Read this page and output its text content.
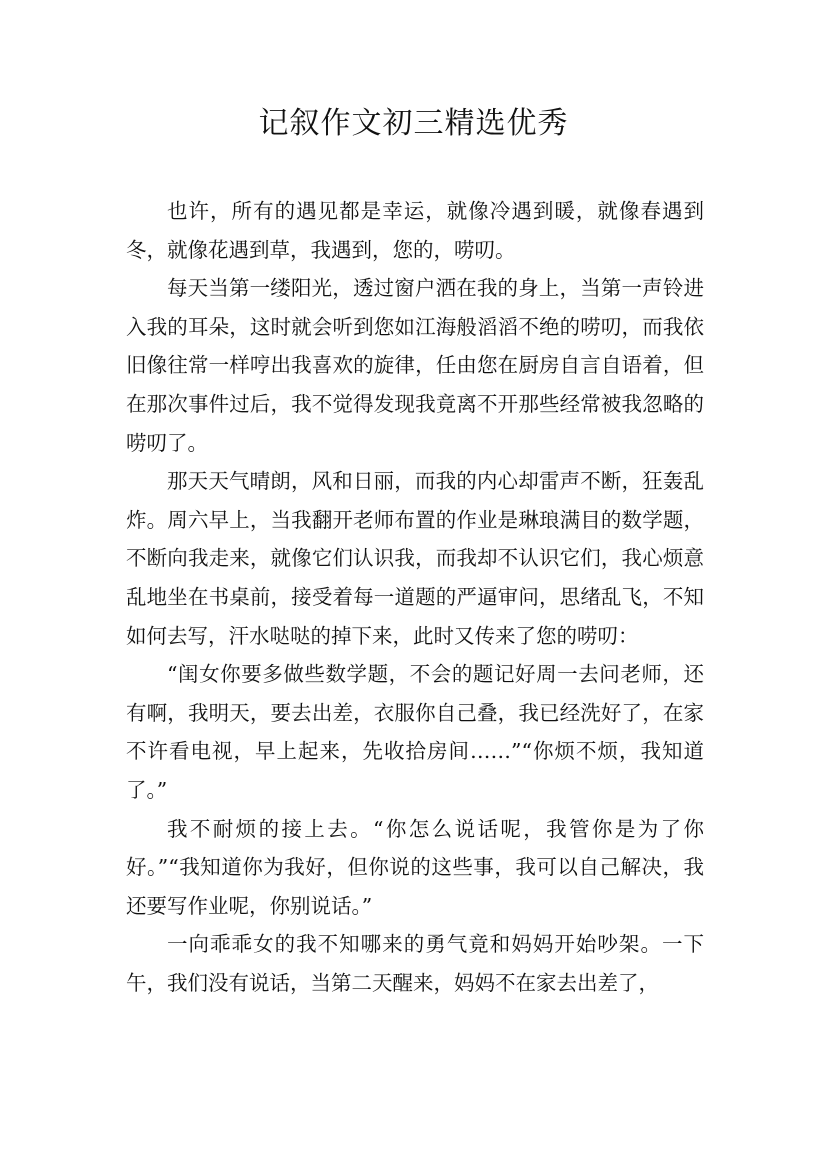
记叙作文初三精选优秀

也许，所有的遇见都是幸运，就像冷遇到暖，就像春遇到冬，就像花遇到草，我遇到，您的，唠叨。

每天当第一缕阳光，透过窗户洒在我的身上，当第一声铃进入我的耳朵，这时就会听到您如江海般滔滔不绝的唠叨，而我依旧像往常一样哼出我喜欢的旋律，任由您在厨房自言自语着，但在那次事件过后，我不觉得发现我竟离不开那些经常被我忽略的唠叨了。

那天天气晴朗，风和日丽，而我的内心却雷声不断，狂轰乱炸。周六早上，当我翻开老师布置的作业是琳琅满目的数学题，不断向我走来，就像它们认识我，而我却不认识它们，我心烦意乱地坐在书桌前，接受着每一道题的严逼审问，思绪乱飞，不知如何去写，汗水哒哒的掉下来，此时又传来了您的唠叨：

“闺女你要多做些数学题，不会的题记好周一去问老师，还有啊，我明天，要去出差，衣服你自己叠，我已经洗好了，在家不许看电视，早上起来，先收拾房间……”“你烦不烦，我知道了。”

我不耐烦的接上去。“你怎么说话呢，我管你是为了你好。”“我知道你为我好，但你说的这些事，我可以自己解决，我还要写作业呢，你别说话。”

一向乖乖女的我不知哪来的勇气竟和妈妈开始吵架。一下午，我们没有说话，当第二天醒来，妈妈不在家去出差了，
